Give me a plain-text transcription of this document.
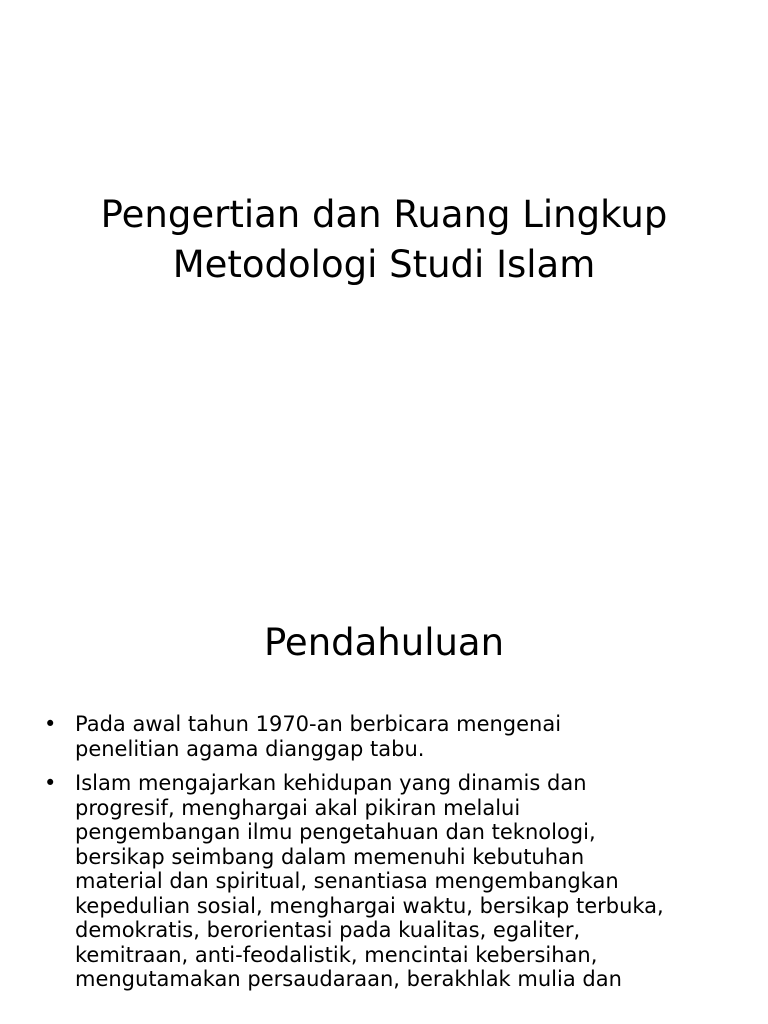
Pengertian dan Ruang Lingkup
Metodologi Studi Islam
Pendahuluan
• Pada awal tahun 1970-an berbicara mengenai
penelitian agama dianggap tabu.
• Islam mengajarkan kehidupan yang dinamis dan
progresif, menghargai akal pikiran melalui
pengembangan ilmu pengetahuan dan teknologi,
bersikap seimbang dalam memenuhi kebutuhan
material dan spiritual, senantiasa mengembangkan
kepedulian sosial, menghargai waktu, bersikap terbuka,
demokratis, berorientasi pada kualitas, egaliter,
kemitraan, anti-feodalistik, mencintai kebersihan,
mengutamakan persaudaraan, berakhlak mulia dan
